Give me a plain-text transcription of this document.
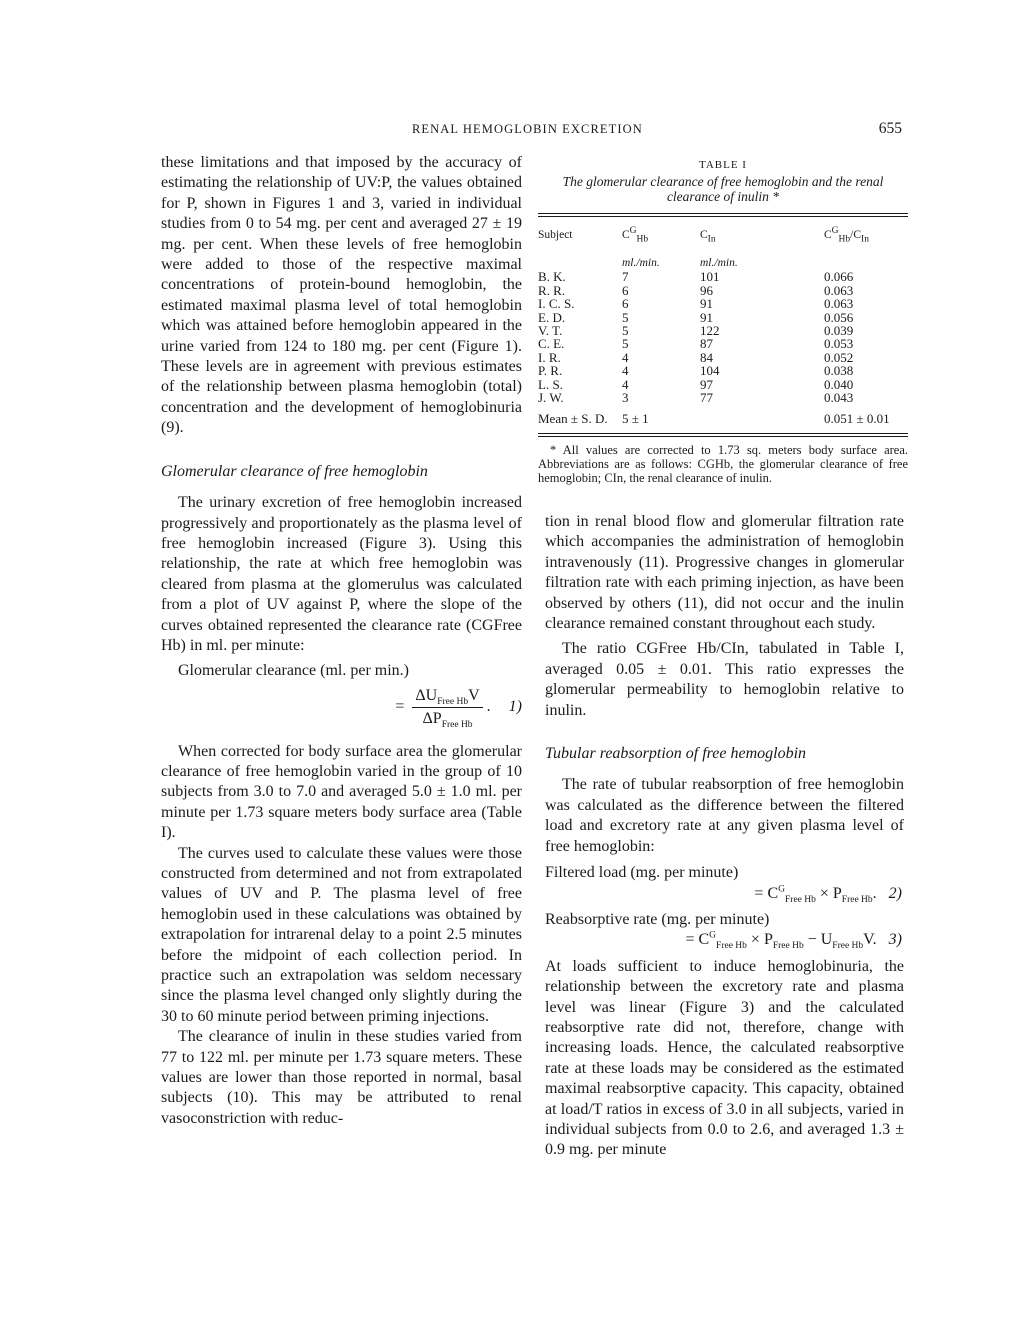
RENAL HEMOGLOBIN EXCRETION	655

these limitations and that imposed by the accuracy of estimating the relationship of UV:P, the values obtained for P, shown in Figures 1 and 3, varied in individual studies from 0 to 54 mg. per cent and averaged 27 ± 19 mg. per cent. When these levels of free hemoglobin were added to those of the respective maximal concentrations of protein-bound hemoglobin, the estimated maximal plasma level of total hemoglobin which was attained before hemoglobin appeared in the urine varied from 124 to 180 mg. per cent (Figure 1). These levels are in agreement with previous estimates of the relationship between plasma hemoglobin (total) concentration and the development of hemoglobinuria (9).

Glomerular clearance of free hemoglobin

The urinary excretion of free hemoglobin increased progressively and proportionately as the plasma level of free hemoglobin increased (Figure 3). Using this relationship, the rate at which free hemoglobin was cleared from plasma at the glomerulus was calculated from a plot of UV against P, where the slope of the curves obtained represented the clearance rate (CGFree Hb) in ml. per minute:

Glomerular clearance (ml. per min.)

= $\frac{\Delta U_{Free Hb}V}{\Delta P_{Free Hb}}$ . 1)

When corrected for body surface area the glomerular clearance of free hemoglobin varied in the group of 10 subjects from 3.0 to 7.0 and averaged 5.0 ± 1.0 ml. per minute per 1.73 square meters body surface area (Table I).

The curves used to calculate these values were those constructed from determined and not from extrapolated values of UV and P. The plasma level of free hemoglobin used in these calculations was obtained by extrapolation for intrarenal delay to a point 2.5 minutes before the midpoint of each collection period. In practice such an extrapolation was seldom necessary since the plasma level changed only slightly during the 30 to 60 minute period between priming injections.

The clearance of inulin in these studies varied from 77 to 122 ml. per minute per 1.73 square meters. These values are lower than those reported in normal, basal subjects (10). This may be attributed to renal vasoconstriction with reduc-

TABLE I
The glomerular clearance of free hemoglobin and the renal clearance of inulin *
Subject	$C^G_{Hb}$	$C_{In}$	$C^G_{Hb}/C_{In}$
	ml./min.	ml./min.	
B. K.	7	101	0.066
R. R.	6	96	0.063
I. C. S.	6	91	0.063
E. D.	5	91	0.056
V. T.	5	122	0.039
C. E.	5	87	0.053
I. R.	4	84	0.052
P. R.	4	104	0.038
L. S.	4	97	0.040
J. W.	3	77	0.043
Mean ± S. D.	5 ± 1		0.051 ± 0.01

* All values are corrected to 1.73 sq. meters body surface area. Abbreviations are as follows: CGHb, the glomerular clearance of free hemoglobin; CIn, the renal clearance of inulin.

tion in renal blood flow and glomerular filtration rate which accompanies the administration of hemoglobin intravenously (11). Progressive changes in glomerular filtration rate with each priming injection, as have been observed by others (11), did not occur and the inulin clearance remained constant throughout each study.

The ratio CGFree Hb/CIn, tabulated in Table I, averaged 0.05 ± 0.01. This ratio expresses the glomerular permeability to hemoglobin relative to inulin.

Tubular reabsorption of free hemoglobin

The rate of tubular reabsorption of free hemoglobin was calculated as the difference between the filtered load and excretory rate at any given plasma level of free hemoglobin:

Filtered load (mg. per minute)

= $C^G_{Free Hb} \times P_{Free Hb}$.   2)

Reabsorptive rate (mg. per minute)

= $C^G_{Free Hb} \times P_{Free Hb} - U_{Free Hb}V$.   3)

At loads sufficient to induce hemoglobinuria, the relationship between the excretory rate and plasma level was linear (Figure 3) and the calculated reabsorptive rate did not, therefore, change with increasing loads. Hence, the calculated reabsorptive rate at these loads may be considered as the estimated maximal reabsorptive capacity. This capacity, obtained at load/T ratios in excess of 3.0 in all subjects, varied in individual subjects from 0.0 to 2.6, and averaged 1.3 ± 0.9 mg. per minute
